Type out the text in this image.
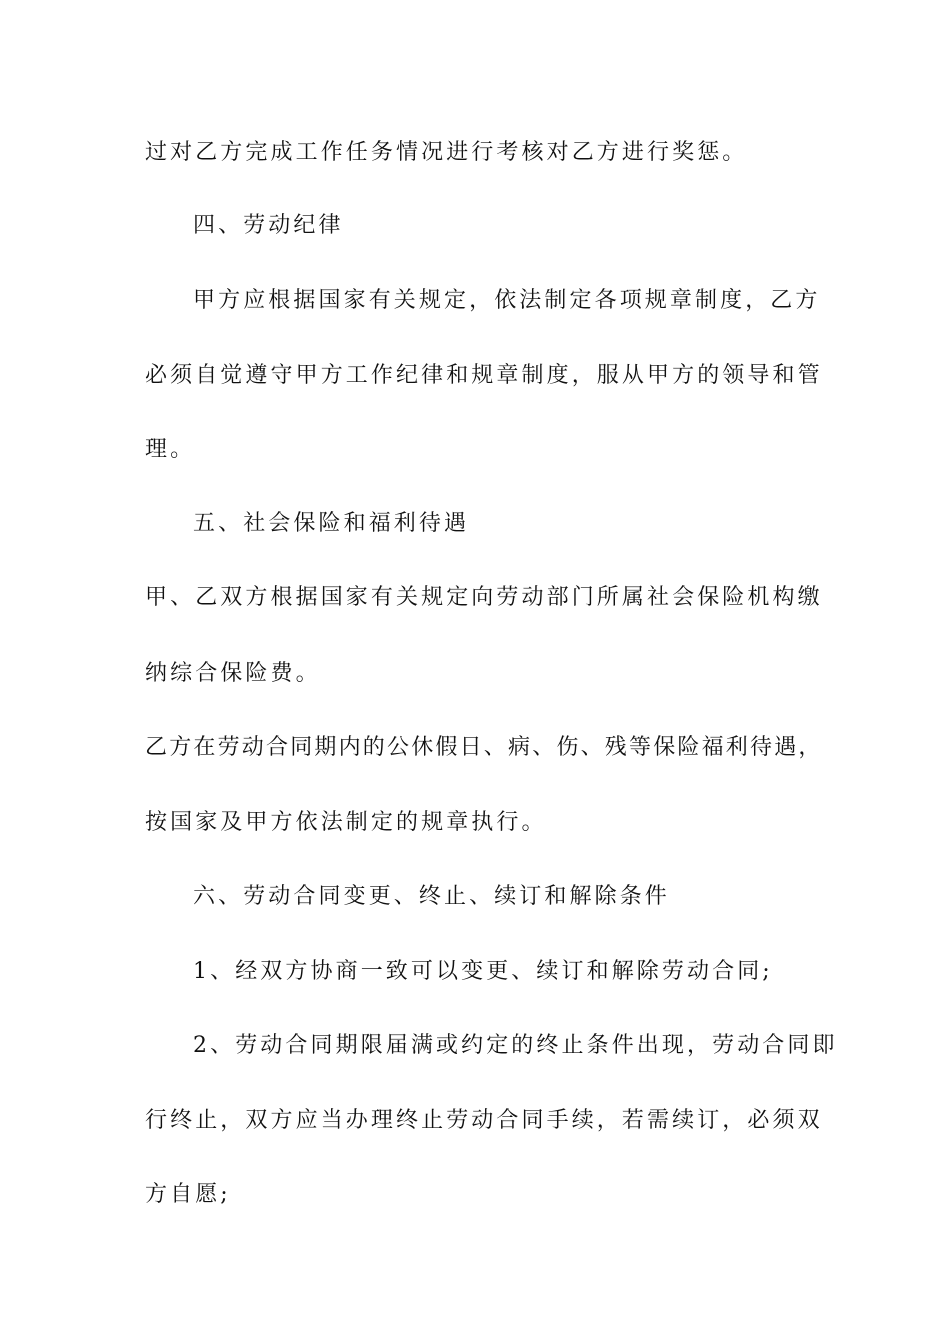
过对乙方完成工作任务情况进行考核对乙方进行奖惩。
四、劳动纪律
甲方应根据国家有关规定，依法制定各项规章制度，乙方
必须自觉遵守甲方工作纪律和规章制度，服从甲方的领导和管
理。
五、社会保险和福利待遇
甲、乙双方根据国家有关规定向劳动部门所属社会保险机构缴
纳综合保险费。
乙方在劳动合同期内的公休假日、病、伤、残等保险福利待遇，
按国家及甲方依法制定的规章执行。
六、劳动合同变更、终止、续订和解除条件
1、经双方协商一致可以变更、续订和解除劳动合同;
2、劳动合同期限届满或约定的终止条件出现，劳动合同即
行终止，双方应当办理终止劳动合同手续，若需续订，必须双
方自愿;
